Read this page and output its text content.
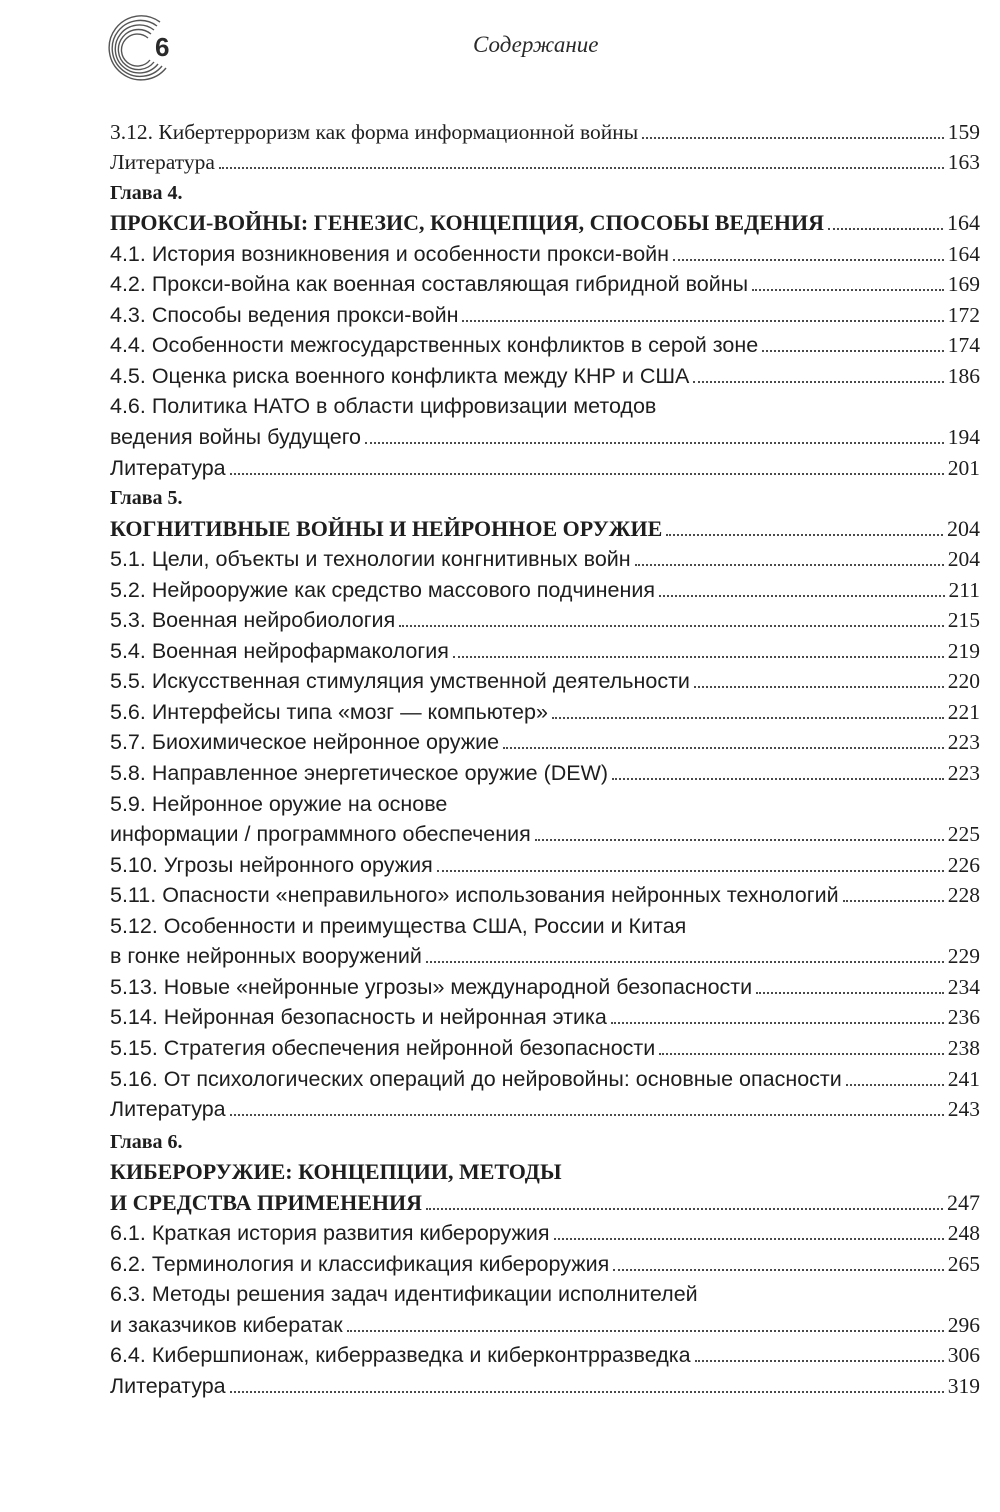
6	Содержание
3.12. Кибертерроризм как форма информационной войны	159
Литература	163
Глава 4.
ПРОКСИ-ВОЙНЫ: ГЕНЕЗИС, КОНЦЕПЦИЯ, СПОСОБЫ ВЕДЕНИЯ	164
4.1. История возникновения и особенности прокси-войн	164
4.2. Прокси-война как военная составляющая гибридной войны	169
4.3. Способы ведения прокси-войн	172
4.4. Особенности межгосударственных конфликтов в серой зоне	174
4.5. Оценка риска военного конфликта между КНР и США	186
4.6. Политика НАТО в области цифровизации методов
ведения войны будущего	194
Литература	201
Глава 5.
КОГНИТИВНЫЕ ВОЙНЫ И НЕЙРОННОЕ ОРУЖИЕ	204
5.1. Цели, объекты и технологии конгнитивных войн	204
5.2. Нейрооружие как средство массового подчинения	211
5.3. Военная нейробиология	215
5.4. Военная нейрофармакология	219
5.5. Искусственная стимуляция умственной деятельности	220
5.6. Интерфейсы типа «мозг — компьютер»	221
5.7. Биохимическое нейронное оружие	223
5.8. Направленное энергетическое оружие (DEW)	223
5.9. Нейронное оружие на основе
информации / программного обеспечения	225
5.10. Угрозы нейронного оружия	226
5.11. Опасности «неправильного» использования нейронных технологий	228
5.12. Особенности и преимущества США, России и Китая
в гонке нейронных вооружений	229
5.13. Новые «нейронные угрозы» международной безопасности	234
5.14. Нейронная безопасность и нейронная этика	236
5.15. Стратегия обеспечения нейронной безопасности	238
5.16. От психологических операций до нейровойны: основные опасности	241
Литература	243
Глава 6.
КИБЕРОРУЖИЕ: КОНЦЕПЦИИ, МЕТОДЫ
И СРЕДСТВА ПРИМЕНЕНИЯ	247
6.1. Краткая история развития кибероружия	248
6.2. Терминология и классификация кибероружия	265
6.3. Методы решения задач идентификации исполнителей
и заказчиков кибератак	296
6.4. Кибершпионаж, киберразведка и киберконтрразведка	306
Литература	319
